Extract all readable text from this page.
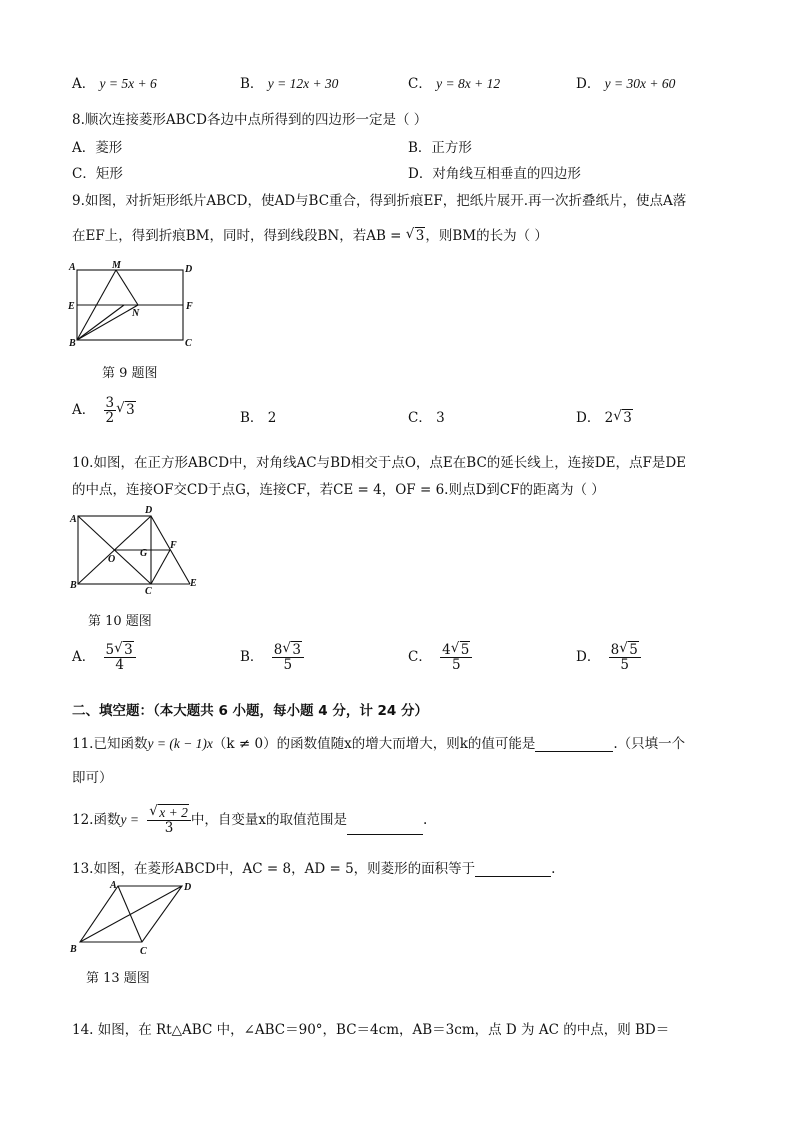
A． y = 5x + 6	B． y = 12x + 30	C． y = 8x + 12	D． y = 30x + 60
8.顺次连接菱形ABCD各边中点所得到的四边形一定是（ ）
A．菱形	B．正方形
C．矩形	D．对角线互相垂直的四边形
9.如图，对折矩形纸片ABCD，使AD与BC重合，得到折痕EF，把纸片展开.再一次折叠纸片，使点A落
在EF上，得到折痕BM，同时，得到线段BN，若AB = √ 3，则BM的长为（ ）
A	M	D
E	F
N
B	C
第 9 题图
A． $\frac{3}{2}$ √ 3	B． 2	C． 3	D． 2 √ 3
10.如图，在正方形ABCD中，对角线AC与BD相交于点O，点E在BC的延长线上，连接DE，点F是DE
的中点，连接OF交CD于点G，连接CF，若CE = 4，OF = 6.则点D到CF的距离为（ ）
A
D
O
G
F
B
C
E
第 10 题图
A． $\frac{5 √ 3}{4}$	B． $\frac{8 √ 3}{5}$	C． $\frac{4 √ 5}{5}$	D． $\frac{8 √ 5}{5}$
二、填空题：（本大题共 6 小题，每小题 4 分，计 24 分）
11.已知函数y = (k − 1)x（k ≠ 0）的函数值随x的增大而增大，则k的值可能是	.（只填一个
即可）
12.函数y = √ $\frac{x + 2}{3}$ 中，自变量x的取值范围是	.
13.如图，在菱形ABCD中，AC = 8，AD = 5，则菱形的面积等于	.
A	D
B	C
第 13 题图
14. 如图，在 Rt△ABC 中，∠ABC＝90°，BC＝4cm，AB＝3cm，点 D 为 AC 的中点，则 BD＝
